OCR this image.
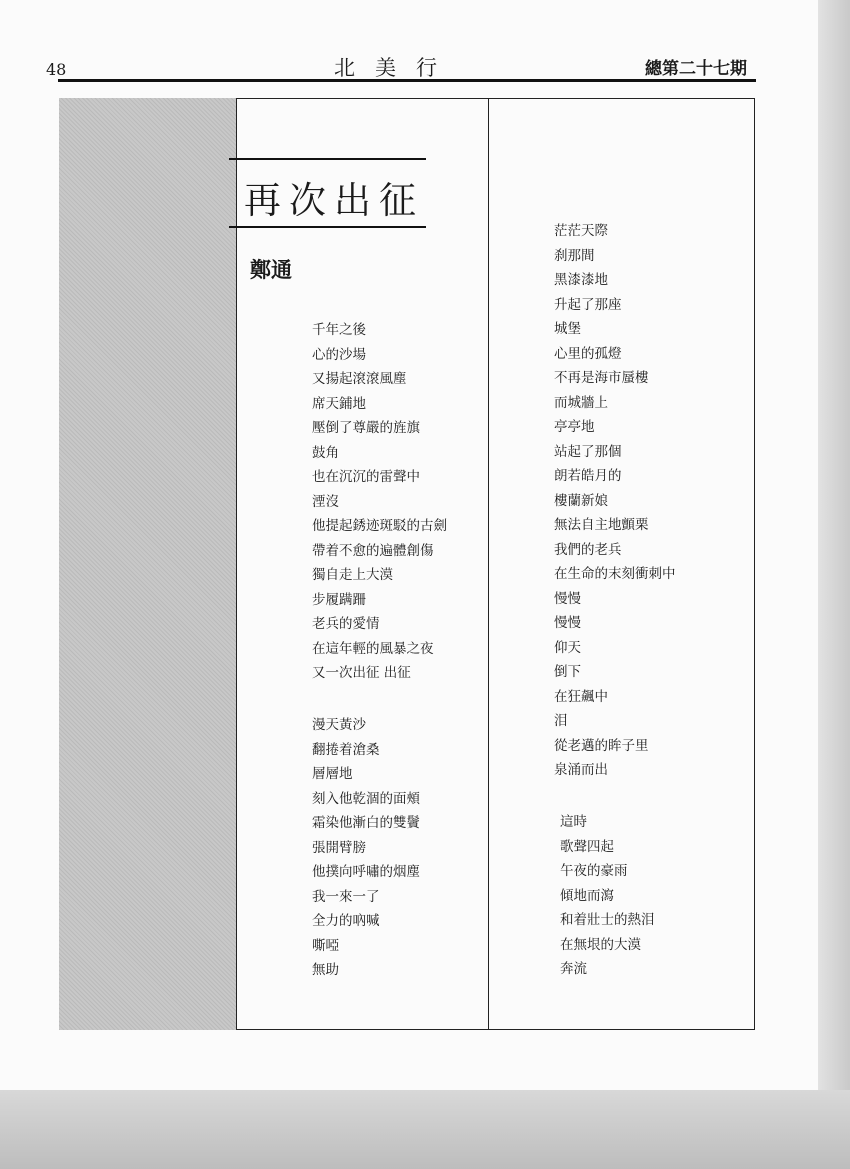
48	北美行	總第二十七期
再次出征
鄭通
千年之後
心的沙場
又揚起滾滾風塵
席天鋪地
壓倒了尊嚴的旌旗
鼓角
也在沉沉的雷聲中
湮沒
他提起銹迹斑駁的古劍
帶着不愈的遍體創傷
獨自走上大漠
步履蹒跚
老兵的愛情
在這年輕的風暴之夜
又一次出征 出征
漫天黃沙
翻捲着滄桑
層層地
刻入他乾涸的面頰
霜染他漸白的雙鬢
張開臂膀
他撲向呼嘯的烟塵
我一來一了
全力的吶喊
嘶啞
無助
茫茫天際
刹那間
黑漆漆地
升起了那座
城堡
心里的孤燈
不再是海市蜃樓
而城牆上
亭亭地
站起了那個
朗若皓月的
樓蘭新娘
無法自主地顫栗
我們的老兵
在生命的末刻衝刺中
慢慢
慢慢
仰天
倒下
在狂飆中
泪
從老邁的眸子里
泉涌而出
這時
歌聲四起
午夜的豪雨
傾地而瀉
和着壯士的熱泪
在無垠的大漠
奔流
